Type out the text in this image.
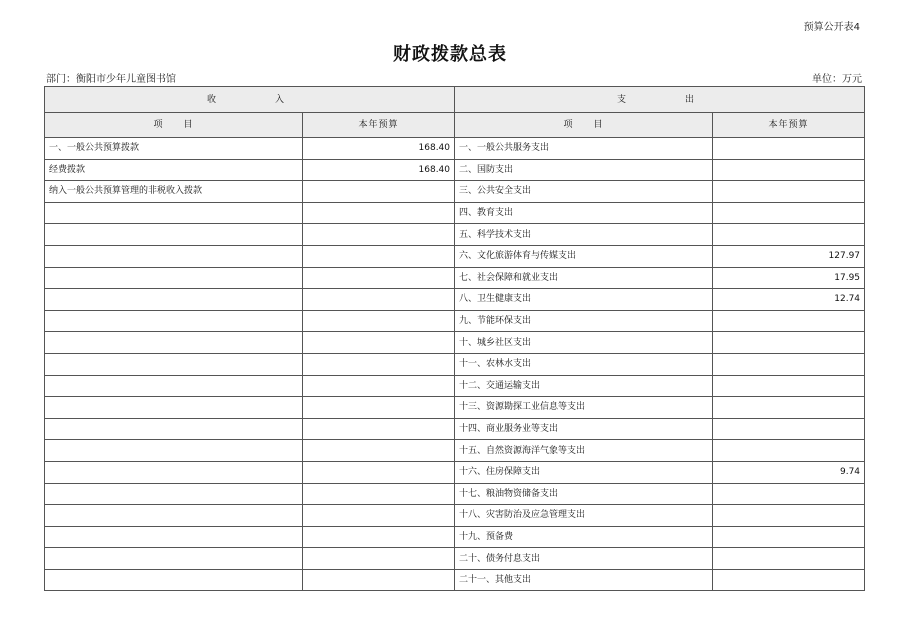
预算公开表4
财政拨款总表
部门：衡阳市少年儿童图书馆	单位：万元
收　　　入		支　　　出	
项　　目	本年预算	项　　目	本年预算
一、一般公共预算拨款	168.40	一、一般公共服务支出	
经费拨款	168.40	二、国防支出	
纳入一般公共预算管理的非税收入拨款		三、公共安全支出	
		四、教育支出	
		五、科学技术支出	
		六、文化旅游体育与传媒支出	127.97
		七、社会保障和就业支出	17.95
		八、卫生健康支出	12.74
		九、节能环保支出	
		十、城乡社区支出	
		十一、农林水支出	
		十二、交通运输支出	
		十三、资源勘探工业信息等支出	
		十四、商业服务业等支出	
		十五、自然资源海洋气象等支出	
		十六、住房保障支出	9.74
		十七、粮油物资储备支出	
		十八、灾害防治及应急管理支出	
		十九、预备费	
		二十、债务付息支出	
		二十一、其他支出	
